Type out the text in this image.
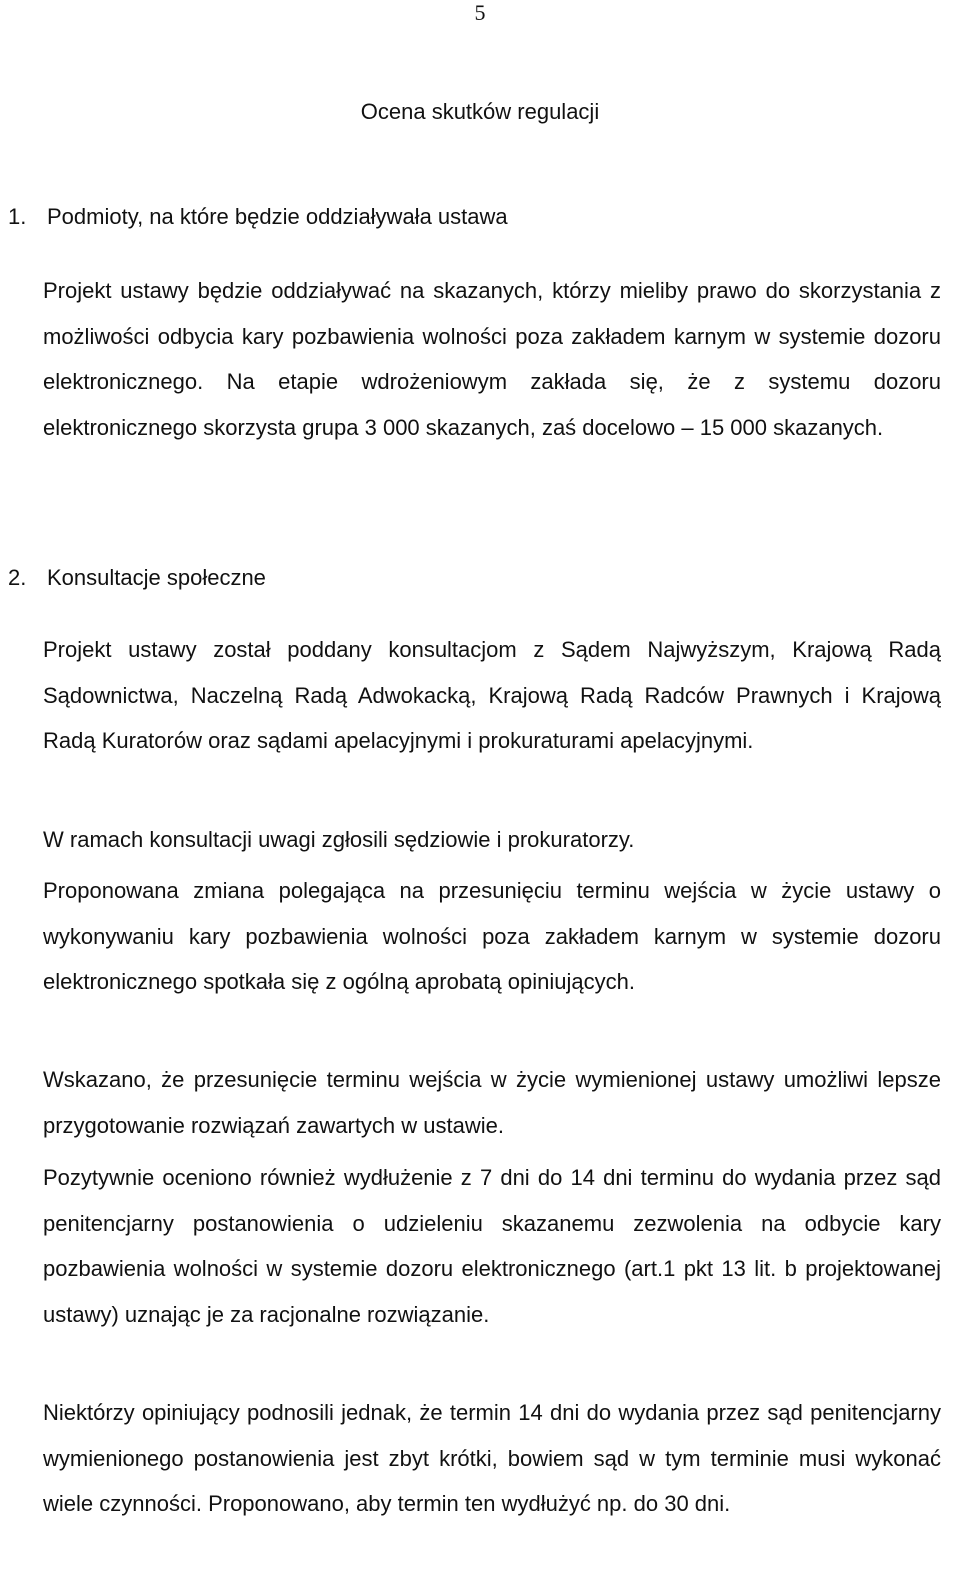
5
Ocena skutków regulacji
1. Podmioty, na które będzie oddziaływała ustawa
Projekt ustawy będzie oddziaływać na skazanych, którzy mieliby prawo do skorzystania z możliwości odbycia kary pozbawienia wolności poza zakładem karnym w systemie dozoru elektronicznego. Na etapie wdrożeniowym zakłada się, że z systemu dozoru elektronicznego skorzysta grupa 3 000 skazanych, zaś docelowo – 15 000 skazanych.
2. Konsultacje społeczne
Projekt ustawy został poddany konsultacjom z Sądem Najwyższym, Krajową Radą Sądownictwa, Naczelną Radą Adwokacką, Krajową Radą Radców Prawnych i Krajową Radą Kuratorów oraz sądami apelacyjnymi i prokuraturami apelacyjnymi.
W ramach konsultacji uwagi zgłosili sędziowie i prokuratorzy.
Proponowana zmiana polegająca na przesunięciu terminu wejścia w życie ustawy o wykonywaniu kary pozbawienia wolności poza zakładem karnym w systemie dozoru elektronicznego spotkała się z ogólną aprobatą opiniujących.
Wskazano, że przesunięcie terminu wejścia w życie wymienionej ustawy umożliwi lepsze przygotowanie rozwiązań zawartych w ustawie.
Pozytywnie oceniono również wydłużenie z 7 dni do 14 dni terminu do wydania przez sąd penitencjarny postanowienia o udzieleniu skazanemu zezwolenia na odbycie kary pozbawienia wolności w systemie dozoru elektronicznego (art.1 pkt 13 lit. b projektowanej ustawy) uznając je za racjonalne rozwiązanie.
Niektórzy opiniujący podnosili jednak, że termin 14 dni do wydania przez sąd penitencjarny wymienionego postanowienia jest zbyt krótki, bowiem sąd w tym terminie musi wykonać wiele czynności. Proponowano, aby termin ten wydłużyć np. do 30 dni.
